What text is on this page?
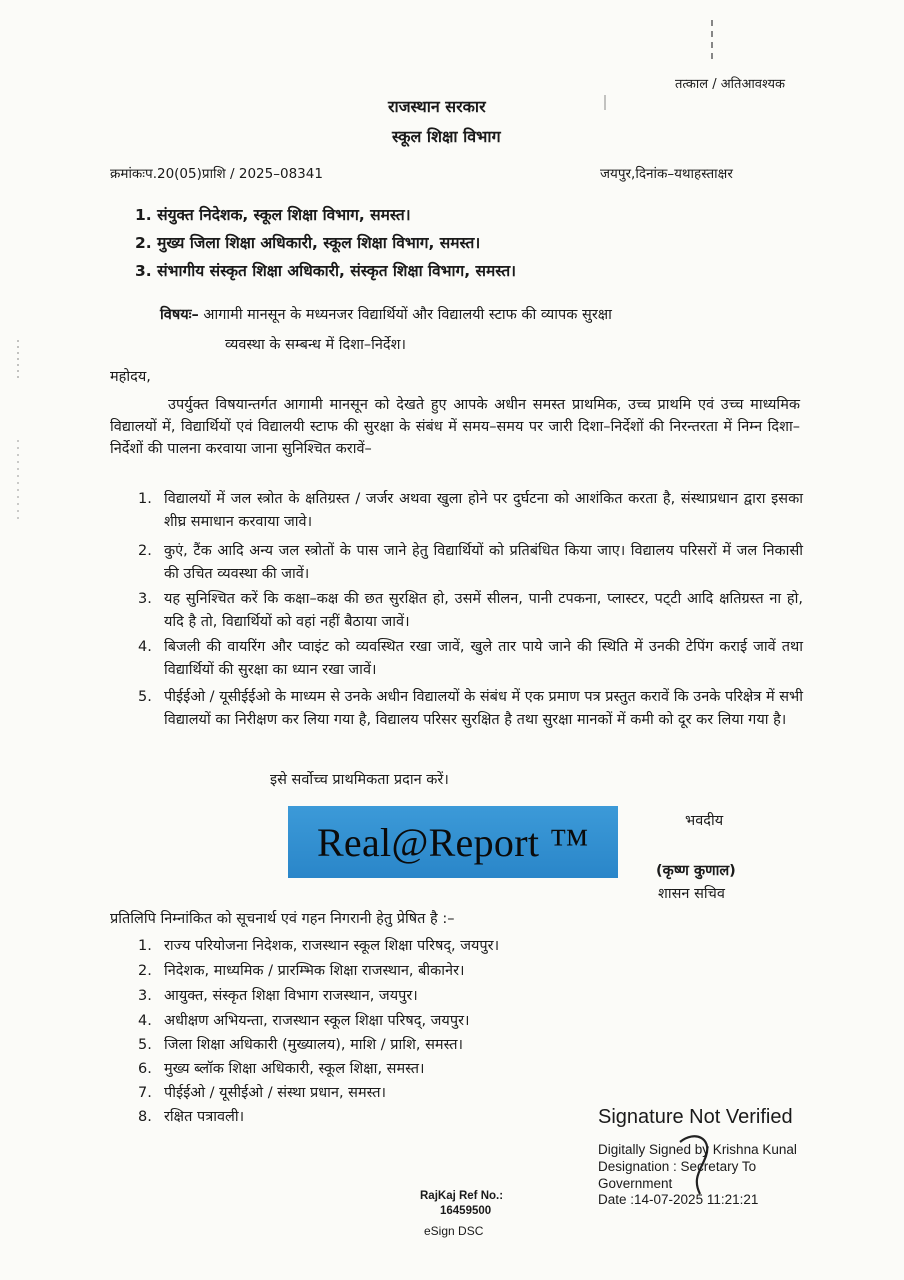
तत्काल / अतिआवश्यक
राजस्थान सरकार
स्कूल शिक्षा विभाग
क्रमांकःप.20(05)प्राशि / 2025–08341	जयपुर,दिनांक–यथाहस्ताक्षर
1. संयुक्त निदेशक, स्कूल शिक्षा विभाग, समस्त।
2. मुख्य जिला शिक्षा अधिकारी, स्कूल शिक्षा विभाग, समस्त।
3. संभागीय संस्कृत शिक्षा अधिकारी, संस्कृत शिक्षा विभाग, समस्त।
विषयः– आगामी मानसून के मध्यनजर विद्यार्थियों और विद्यालयी स्टाफ की व्यापक सुरक्षा
व्यवस्था के सम्बन्ध में दिशा–निर्देश।
महोदय,
उपर्युक्त विषयान्तर्गत आगामी मानसून को देखते हुए आपके अधीन समस्त प्राथमिक, उच्च प्राथमि एवं उच्च माध्यमिक विद्यालयों में, विद्यार्थियों एवं विद्यालयी स्टाफ की सुरक्षा के संबंध में समय–समय पर जारी दिशा–निर्देशों की निरन्तरता में निम्न दिशा–निर्देशों की पालना करवाया जाना सुनिश्चित करावें–
1. विद्यालयों में जल स्त्रोत के क्षतिग्रस्त / जर्जर अथवा खुला होने पर दुर्घटना को आशंकित करता है, संस्थाप्रधान द्वारा इसका शीघ्र समाधान करवाया जावे।
2. कुएं, टैंक आदि अन्य जल स्त्रोतों के पास जाने हेतु विद्यार्थियों को प्रतिबंधित किया जाए। विद्यालय परिसरों में जल निकासी की उचित व्यवस्था की जावें।
3. यह सुनिश्चित करें कि कक्षा–कक्ष की छत सुरक्षित हो, उसमें सीलन, पानी टपकना, प्लास्टर, पट्‌टी आदि क्षतिग्रस्त ना हो, यदि है तो, विद्यार्थियों को वहां नहीं बैठाया जावें।
4. बिजली की वायरिंग और प्वाइंट को व्यवस्थित रखा जावें, खुले तार पाये जाने की स्थिति में उनकी टेपिंग कराई जावें तथा विद्यार्थियों की सुरक्षा का ध्यान रखा जावें।
5. पीईईओ / यूसीईईओ के माध्यम से उनके अधीन विद्यालयों के संबंध में एक प्रमाण पत्र प्रस्तुत करावें कि उनके परिक्षेत्र में सभी विद्यालयों का निरीक्षण कर लिया गया है, विद्यालय परिसर सुरक्षित है तथा सुरक्षा मानकों में कमी को दूर कर लिया गया है।
इसे सर्वोच्च प्राथमिकता प्रदान करें।
भवदीय
Real@Report ™
(कृष्ण कुणाल)
शासन सचिव
प्रतिलिपि निम्नांकित को सूचनार्थ एवं गहन निगरानी हेतु प्रेषित है :–
1. राज्य परियोजना निदेशक, राजस्थान स्कूल शिक्षा परिषद्, जयपुर।
2. निदेशक, माध्यमिक / प्रारम्भिक शिक्षा राजस्थान, बीकानेर।
3. आयुक्त, संस्कृत शिक्षा विभाग राजस्थान, जयपुर।
4. अधीक्षण अभियन्ता, राजस्थान स्कूल शिक्षा परिषद्, जयपुर।
5. जिला शिक्षा अधिकारी (मुख्यालय), माशि / प्राशि, समस्त।
6. मुख्य ब्लॉक शिक्षा अधिकारी, स्कूल शिक्षा, समस्त।
7. पीईईओ / यूसीईओ / संस्था प्रधान, समस्त।
8. रक्षित पत्रावली।	Signature Not Verified
Digitally Signed by Krishna Kunal
Designation : Secretary To
Government
Date :14-07-2025 11:21:21
RajKaj Ref No.:
16459500
eSign DSC
